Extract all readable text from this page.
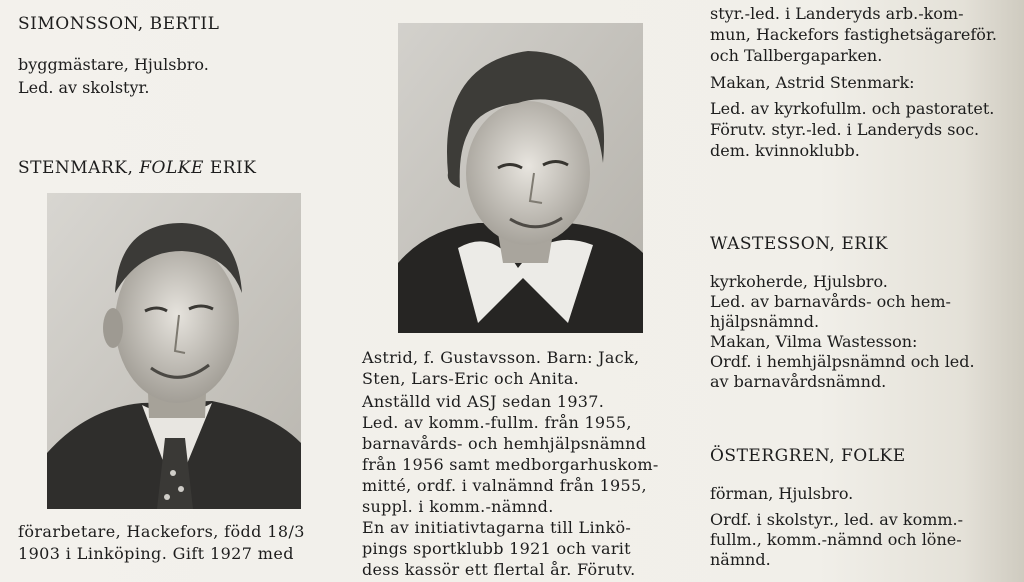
SIMONSSON, BERTIL
byggmästare, Hjulsbro.
Led. av skolstyr.
STENMARK, FOLKE ERIK
förarbetare, Hackefors, född 18/3
1903 i Linköping. Gift 1927 med
Astrid, f. Gustavsson. Barn: Jack,
Sten, Lars-Eric och Anita.
Anställd vid ASJ sedan 1937.
Led. av komm.-fullm. från 1955,
barnavårds- och hemhjälpsnämnd
från 1956 samt medborgarhuskom-
mitté, ordf. i valnämnd från 1955,
suppl. i komm.-nämnd.
En av initiativtagarna till Linkö-
pings sportklubb 1921 och varit
dess kassör ett flertal år. Förutv.
styr.-led. i Landeryds arb.-kom-
mun, Hackefors fastighetsägareför.
och Tallbergaparken.
Makan, Astrid Stenmark:
Led. av kyrkofullm. och pastoratet.
Förutv. styr.-led. i Landeryds soc.
dem. kvinnoklubb.
WASTESSON, ERIK
kyrkoherde, Hjulsbro.
Led. av barnavårds- och hem-
hjälpsnämnd.
Makan, Vilma Wastesson:
Ordf. i hemhjälpsnämnd och led.
av barnavårdsnämnd.
ÖSTERGREN, FOLKE
förman, Hjulsbro.
Ordf. i skolstyr., led. av komm.-
fullm., komm.-nämnd och löne-
nämnd.
